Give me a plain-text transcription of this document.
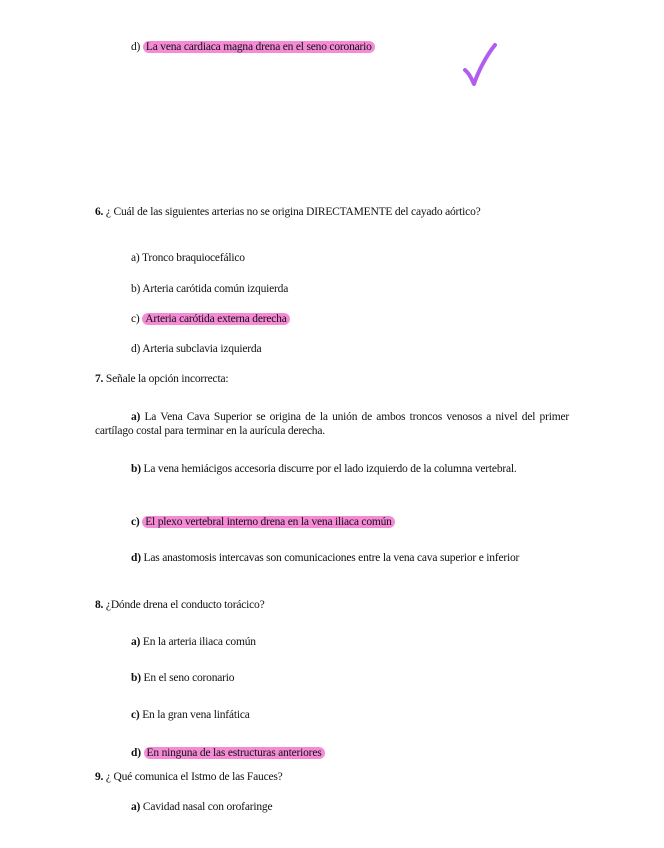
d) La vena cardiaca magna drena en el seno coronario
6. ¿ Cuál de las siguientes arterias no se origina DIRECTAMENTE del cayado aórtico?
a) Tronco braquiocefálico
b) Arteria carótida común izquierda
c) Arteria carótida externa derecha
d) Arteria subclavia izquierda
7. Señale la opción incorrecta:
a) La Vena Cava Superior se origina de la unión de ambos troncos venosos a nivel del primer cartílago costal para terminar en la aurícula derecha.
b) La vena hemiácigos accesoria discurre por el lado izquierdo de la columna vertebral.
c) El plexo vertebral interno drena en la vena iliaca común
d) Las anastomosis intercavas son comunicaciones entre la vena cava superior e inferior
8. ¿Dónde drena el conducto torácico?
a) En la arteria iliaca común
b) En el seno coronario
c) En la gran vena linfática
d) En ninguna de las estructuras anteriores
9. ¿ Qué comunica el Istmo de las Fauces?
a) Cavidad nasal con orofaringe
